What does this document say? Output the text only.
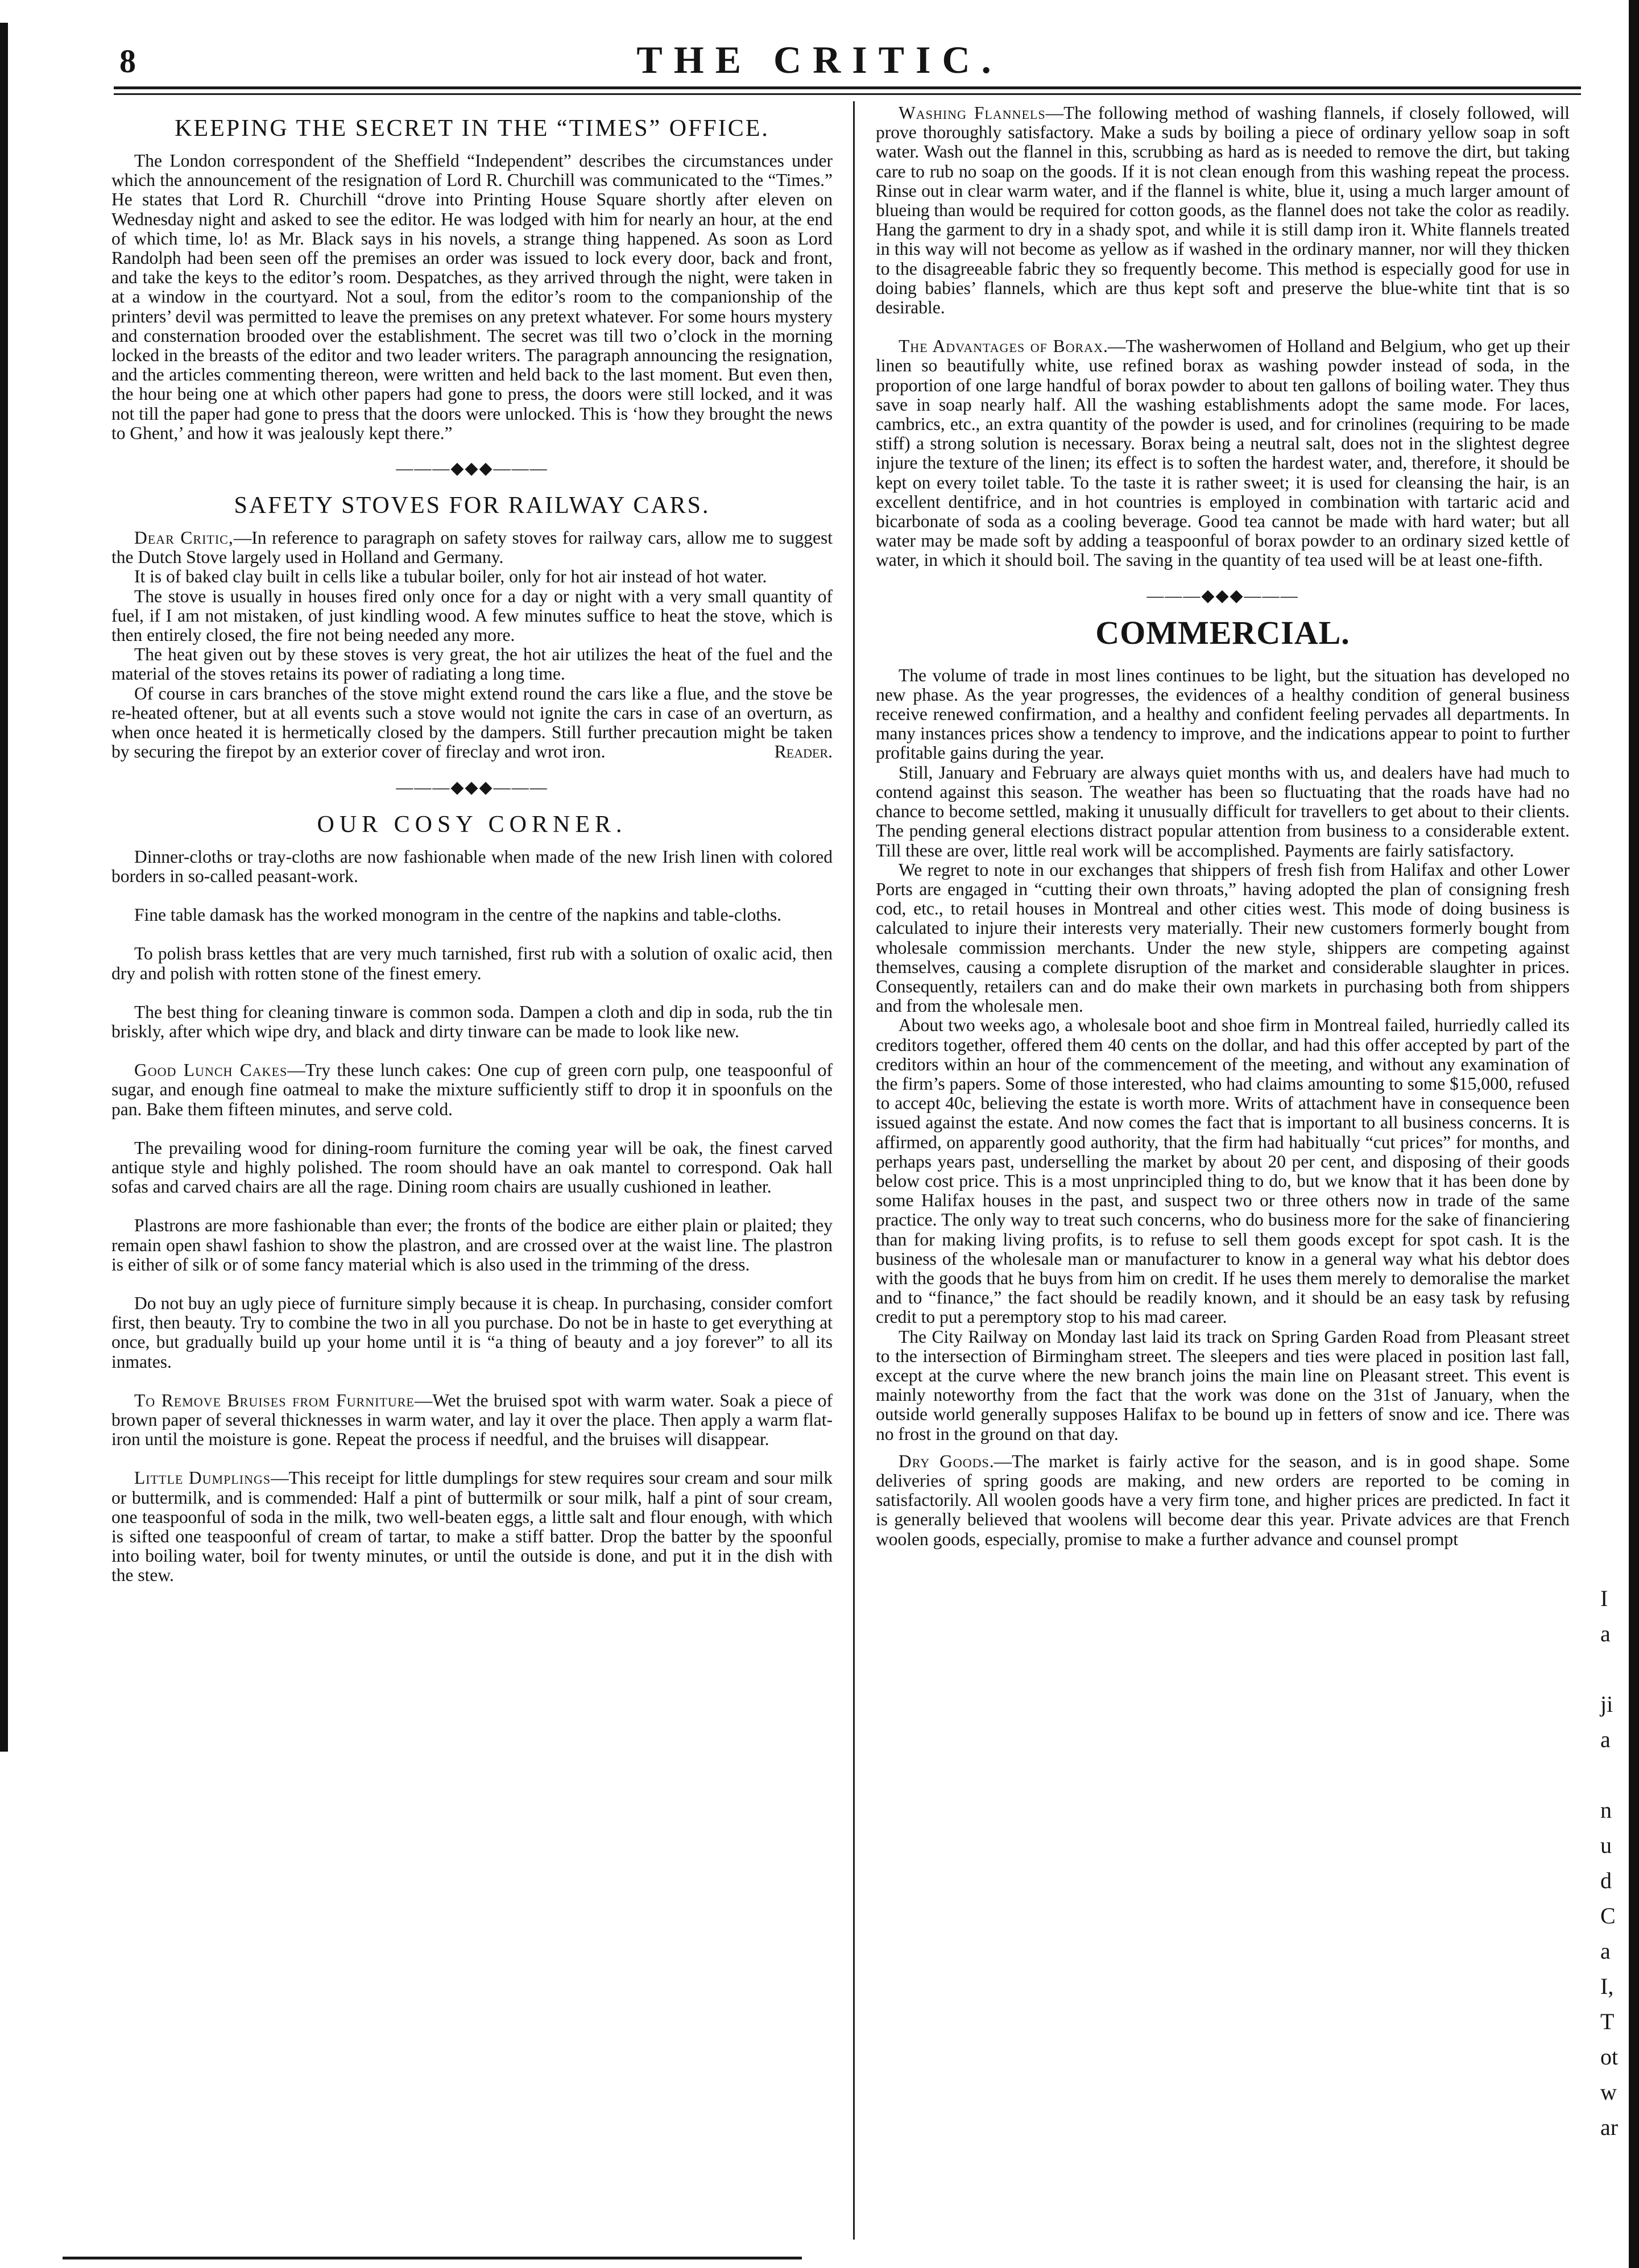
I
a

ji
a

n
u
d
C
a
I,
T
ot
w
ar
8	THE CRITIC.
KEEPING THE SECRET IN THE “TIMES” OFFICE.

The London correspondent of the Sheffield “Independent” describes the circumstances under which the announcement of the resignation of Lord R. Churchill was communicated to the “Times.” He states that Lord R. Churchill “drove into Printing House Square shortly after eleven on Wednesday night and asked to see the editor. He was lodged with him for nearly an hour, at the end of which time, lo! as Mr. Black says in his novels, a strange thing happened. As soon as Lord Randolph had been seen off the premises an order was issued to lock every door, back and front, and take the keys to the editor’s room. Despatches, as they arrived through the night, were taken in at a window in the courtyard. Not a soul, from the editor’s room to the companionship of the printers’ devil was permitted to leave the premises on any pretext whatever. For some hours mystery and consternation brooded over the establishment. The secret was till two o’clock in the morning locked in the breasts of the editor and two leader writers. The paragraph announcing the resignation, and the articles commenting thereon, were written and held back to the last moment. But even then, the hour being one at which other papers had gone to press, the doors were still locked, and it was not till the paper had gone to press that the doors were unlocked. This is ‘how they brought the news to Ghent,’ and how it was jealously kept there.”

———◆◆◆———
SAFETY STOVES FOR RAILWAY CARS.

Dear Critic,—In reference to paragraph on safety stoves for railway cars, allow me to suggest the Dutch Stove largely used in Holland and Germany.

It is of baked clay built in cells like a tubular boiler, only for hot air instead of hot water.

The stove is usually in houses fired only once for a day or night with a very small quantity of fuel, if I am not mistaken, of just kindling wood. A few minutes suffice to heat the stove, which is then entirely closed, the fire not being needed any more.

The heat given out by these stoves is very great, the hot air utilizes the heat of the fuel and the material of the stoves retains its power of radiating a long time.

Of course in cars branches of the stove might extend round the cars like a flue, and the stove be re-heated oftener, but at all events such a stove would not ignite the cars in case of an overturn, as when once heated it is hermetically closed by the dampers. Still further precaution might be taken by securing the firepot by an exterior cover of fireclay and wrot iron.	Reader.

———◆◆◆———
OUR COSY CORNER.

Dinner-cloths or tray-cloths are now fashionable when made of the new Irish linen with colored borders in so-called peasant-work.

Fine table damask has the worked monogram in the centre of the napkins and table-cloths.

To polish brass kettles that are very much tarnished, first rub with a solution of oxalic acid, then dry and polish with rotten stone of the finest emery.

The best thing for cleaning tinware is common soda. Dampen a cloth and dip in soda, rub the tin briskly, after which wipe dry, and black and dirty tinware can be made to look like new.

Good Lunch Cakes—Try these lunch cakes: One cup of green corn pulp, one teaspoonful of sugar, and enough fine oatmeal to make the mixture sufficiently stiff to drop it in spoonfuls on the pan. Bake them fifteen minutes, and serve cold.

The prevailing wood for dining-room furniture the coming year will be oak, the finest carved antique style and highly polished. The room should have an oak mantel to correspond. Oak hall sofas and carved chairs are all the rage. Dining room chairs are usually cushioned in leather.

Plastrons are more fashionable than ever; the fronts of the bodice are either plain or plaited; they remain open shawl fashion to show the plastron, and are crossed over at the waist line. The plastron is either of silk or of some fancy material which is also used in the trimming of the dress.

Do not buy an ugly piece of furniture simply because it is cheap. In purchasing, consider comfort first, then beauty. Try to combine the two in all you purchase. Do not be in haste to get everything at once, but gradually build up your home until it is “a thing of beauty and a joy forever” to all its inmates.

To Remove Bruises from Furniture—Wet the bruised spot with warm water. Soak a piece of brown paper of several thicknesses in warm water, and lay it over the place. Then apply a warm flat-iron until the moisture is gone. Repeat the process if needful, and the bruises will disappear.

Little Dumplings—This receipt for little dumplings for stew requires sour cream and sour milk or buttermilk, and is commended: Half a pint of buttermilk or sour milk, half a pint of sour cream, one teaspoonful of soda in the milk, two well-beaten eggs, a little salt and flour enough, with which is sifted one teaspoonful of cream of tartar, to make a stiff batter. Drop the batter by the spoonful into boiling water, boil for twenty minutes, or until the outside is done, and put it in the dish with the stew.

Washing Flannels—The following method of washing flannels, if closely followed, will prove thoroughly satisfactory. Make a suds by boiling a piece of ordinary yellow soap in soft water. Wash out the flannel in this, scrubbing as hard as is needed to remove the dirt, but taking care to rub no soap on the goods. If it is not clean enough from this washing repeat the process. Rinse out in clear warm water, and if the flannel is white, blue it, using a much larger amount of blueing than would be required for cotton goods, as the flannel does not take the color as readily. Hang the garment to dry in a shady spot, and while it is still damp iron it. White flannels treated in this way will not become as yellow as if washed in the ordinary manner, nor will they thicken to the disagreeable fabric they so frequently become. This method is especially good for use in doing babies’ flannels, which are thus kept soft and preserve the blue-white tint that is so desirable.

The Advantages of Borax.—The washerwomen of Holland and Belgium, who get up their linen so beautifully white, use refined borax as washing powder instead of soda, in the proportion of one large handful of borax powder to about ten gallons of boiling water. They thus save in soap nearly half. All the washing establishments adopt the same mode. For laces, cambrics, etc., an extra quantity of the powder is used, and for crinolines (requiring to be made stiff) a strong solution is necessary. Borax being a neutral salt, does not in the slightest degree injure the texture of the linen; its effect is to soften the hardest water, and, therefore, it should be kept on every toilet table. To the taste it is rather sweet; it is used for cleansing the hair, is an excellent dentifrice, and in hot countries is employed in combination with tartaric acid and bicarbonate of soda as a cooling beverage. Good tea cannot be made with hard water; but all water may be made soft by adding a teaspoonful of borax powder to an ordinary sized kettle of water, in which it should boil. The saving in the quantity of tea used will be at least one-fifth.

———◆◆◆———
COMMERCIAL.

The volume of trade in most lines continues to be light, but the situation has developed no new phase. As the year progresses, the evidences of a healthy condition of general business receive renewed confirmation, and a healthy and confident feeling pervades all departments. In many instances prices show a tendency to improve, and the indications appear to point to further profitable gains during the year.

Still, January and February are always quiet months with us, and dealers have had much to contend against this season. The weather has been so fluctuating that the roads have had no chance to become settled, making it unusually difficult for travellers to get about to their clients. The pending general elections distract popular attention from business to a considerable extent. Till these are over, little real work will be accomplished. Payments are fairly satisfactory.

We regret to note in our exchanges that shippers of fresh fish from Halifax and other Lower Ports are engaged in “cutting their own throats,” having adopted the plan of consigning fresh cod, etc., to retail houses in Montreal and other cities west. This mode of doing business is calculated to injure their interests very materially. Their new customers formerly bought from wholesale commission merchants. Under the new style, shippers are competing against themselves, causing a complete disruption of the market and considerable slaughter in prices. Consequently, retailers can and do make their own markets in purchasing both from shippers and from the wholesale men.

About two weeks ago, a wholesale boot and shoe firm in Montreal failed, hurriedly called its creditors together, offered them 40 cents on the dollar, and had this offer accepted by part of the creditors within an hour of the commencement of the meeting, and without any examination of the firm’s papers. Some of those interested, who had claims amounting to some $15,000, refused to accept 40c, believing the estate is worth more. Writs of attachment have in consequence been issued against the estate. And now comes the fact that is important to all business concerns. It is affirmed, on apparently good authority, that the firm had habitually “cut prices” for months, and perhaps years past, underselling the market by about 20 per cent, and disposing of their goods below cost price. This is a most unprincipled thing to do, but we know that it has been done by some Halifax houses in the past, and suspect two or three others now in trade of the same practice. The only way to treat such concerns, who do business more for the sake of financiering than for making living profits, is to refuse to sell them goods except for spot cash. It is the business of the wholesale man or manufacturer to know in a general way what his debtor does with the goods that he buys from him on credit. If he uses them merely to demoralise the market and to “finance,” the fact should be readily known, and it should be an easy task by refusing credit to put a peremptory stop to his mad career.

The City Railway on Monday last laid its track on Spring Garden Road from Pleasant street to the intersection of Birmingham street. The sleepers and ties were placed in position last fall, except at the curve where the new branch joins the main line on Pleasant street. This event is mainly noteworthy from the fact that the work was done on the 31st of January, when the outside world generally supposes Halifax to be bound up in fetters of snow and ice. There was no frost in the ground on that day.

Dry Goods.—The market is fairly active for the season, and is in good shape. Some deliveries of spring goods are making, and new orders are reported to be coming in satisfactorily. All woolen goods have a very firm tone, and higher prices are predicted. In fact it is generally believed that woolens will become dear this year. Private advices are that French woolen goods, especially, promise to make a further advance and counsel prompt
